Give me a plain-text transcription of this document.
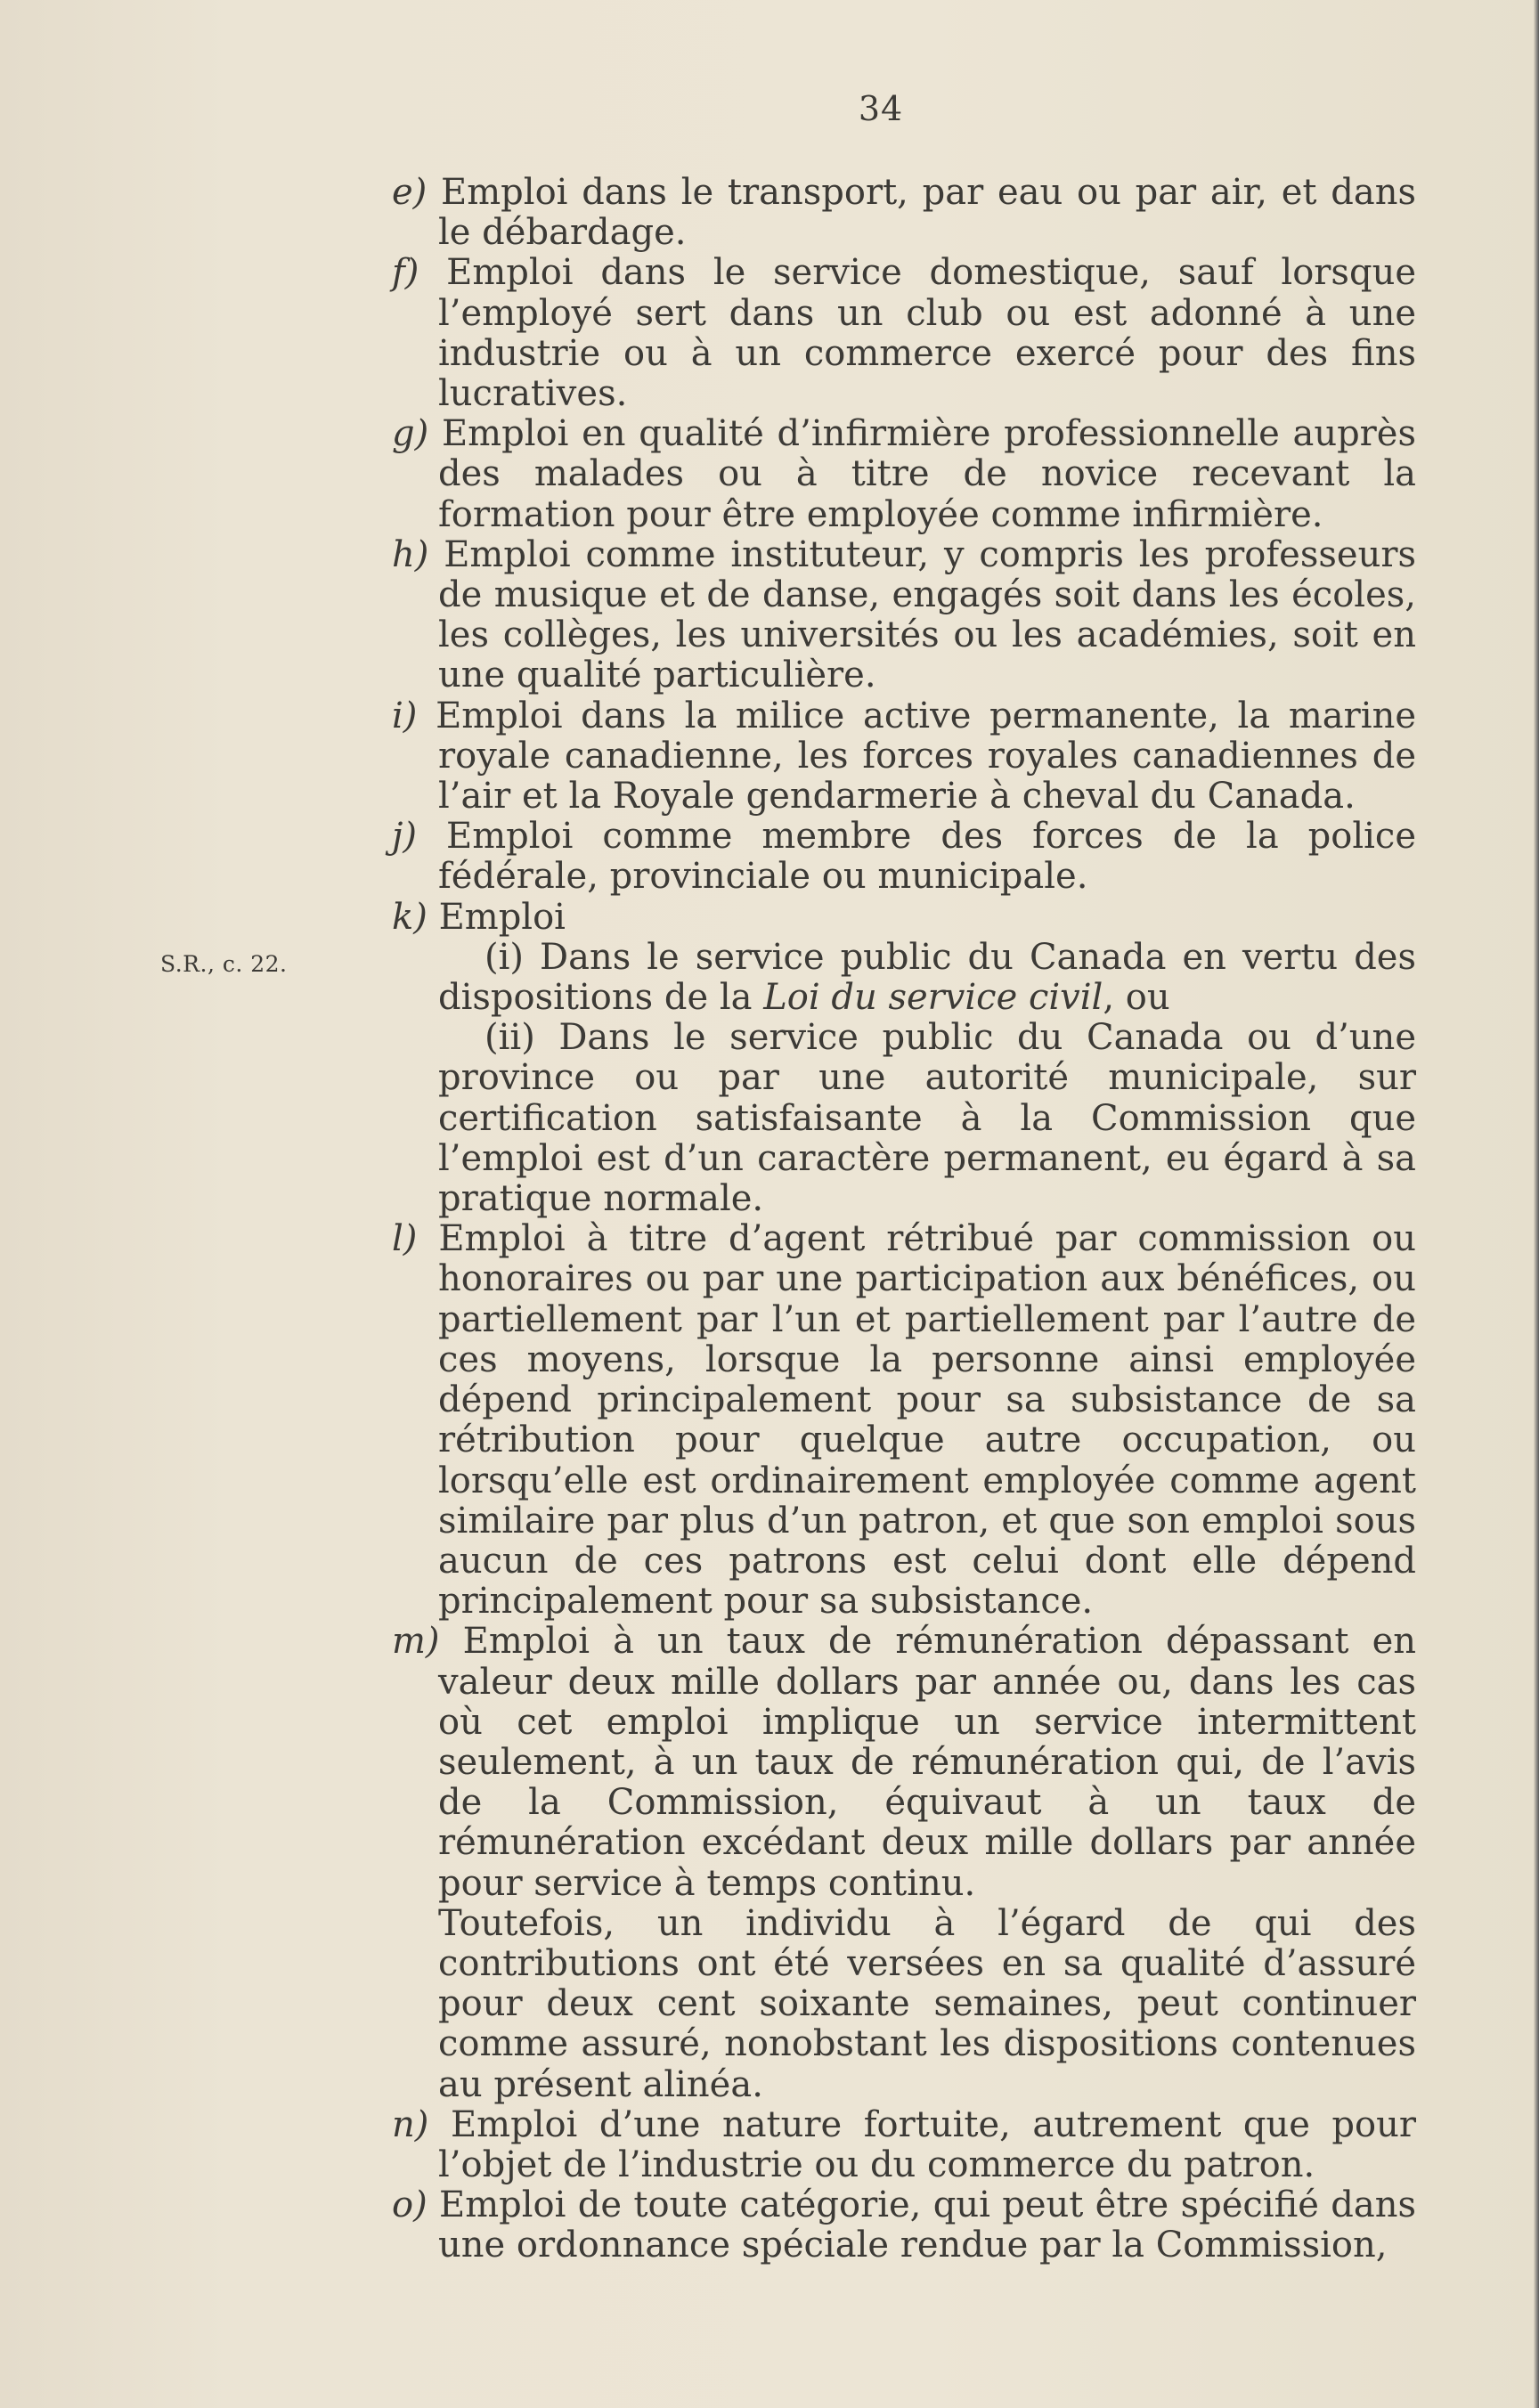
34
S.R., c. 22.

e) Emploi dans le transport, par eau ou par air, et dans le débardage.

f) Emploi dans le service domestique, sauf lorsque l’employé sert dans un club ou est adonné à une industrie ou à un commerce exercé pour des fins lucratives.

g) Emploi en qualité d’infirmière professionnelle auprès des malades ou à titre de novice recevant la formation pour être employée comme infirmière.

h) Emploi comme instituteur, y compris les professeurs de musique et de danse, engagés soit dans les écoles, les collèges, les universités ou les académies, soit en une qualité particulière.

i) Emploi dans la milice active permanente, la marine royale canadienne, les forces royales canadiennes de l’air et la Royale gendarmerie à cheval du Canada.

j) Emploi comme membre des forces de la police fédérale, provinciale ou municipale.

k) Emploi

(i) Dans le service public du Canada en vertu des dispositions de la Loi du service civil, ou

(ii) Dans le service public du Canada ou d’une province ou par une autorité municipale, sur certification satisfaisante à la Commission que l’emploi est d’un caractère permanent, eu égard à sa pratique normale.

l) Emploi à titre d’agent rétribué par commission ou honoraires ou par une participation aux bénéfices, ou partiellement par l’un et partiellement par l’autre de ces moyens, lorsque la personne ainsi employée dépend principalement pour sa subsistance de sa rétribution pour quelque autre occupation, ou lorsqu’elle est ordinairement employée comme agent similaire par plus d’un patron, et que son emploi sous aucun de ces patrons est celui dont elle dépend principalement pour sa subsistance.

m) Emploi à un taux de rémunération dépassant en valeur deux mille dollars par année ou, dans les cas où cet emploi implique un service intermittent seulement, à un taux de rémunération qui, de l’avis de la Commission, équivaut à un taux de rémunération excédant deux mille dollars par année pour service à temps continu.

Toutefois, un individu à l’égard de qui des contributions ont été versées en sa qualité d’assuré pour deux cent soixante semaines, peut continuer comme assuré, nonobstant les dispositions contenues au présent alinéa.

n) Emploi d’une nature fortuite, autrement que pour l’objet de l’industrie ou du commerce du patron.

o) Emploi de toute catégorie, qui peut être spécifié dans une ordonnance spéciale rendue par la Commission,
